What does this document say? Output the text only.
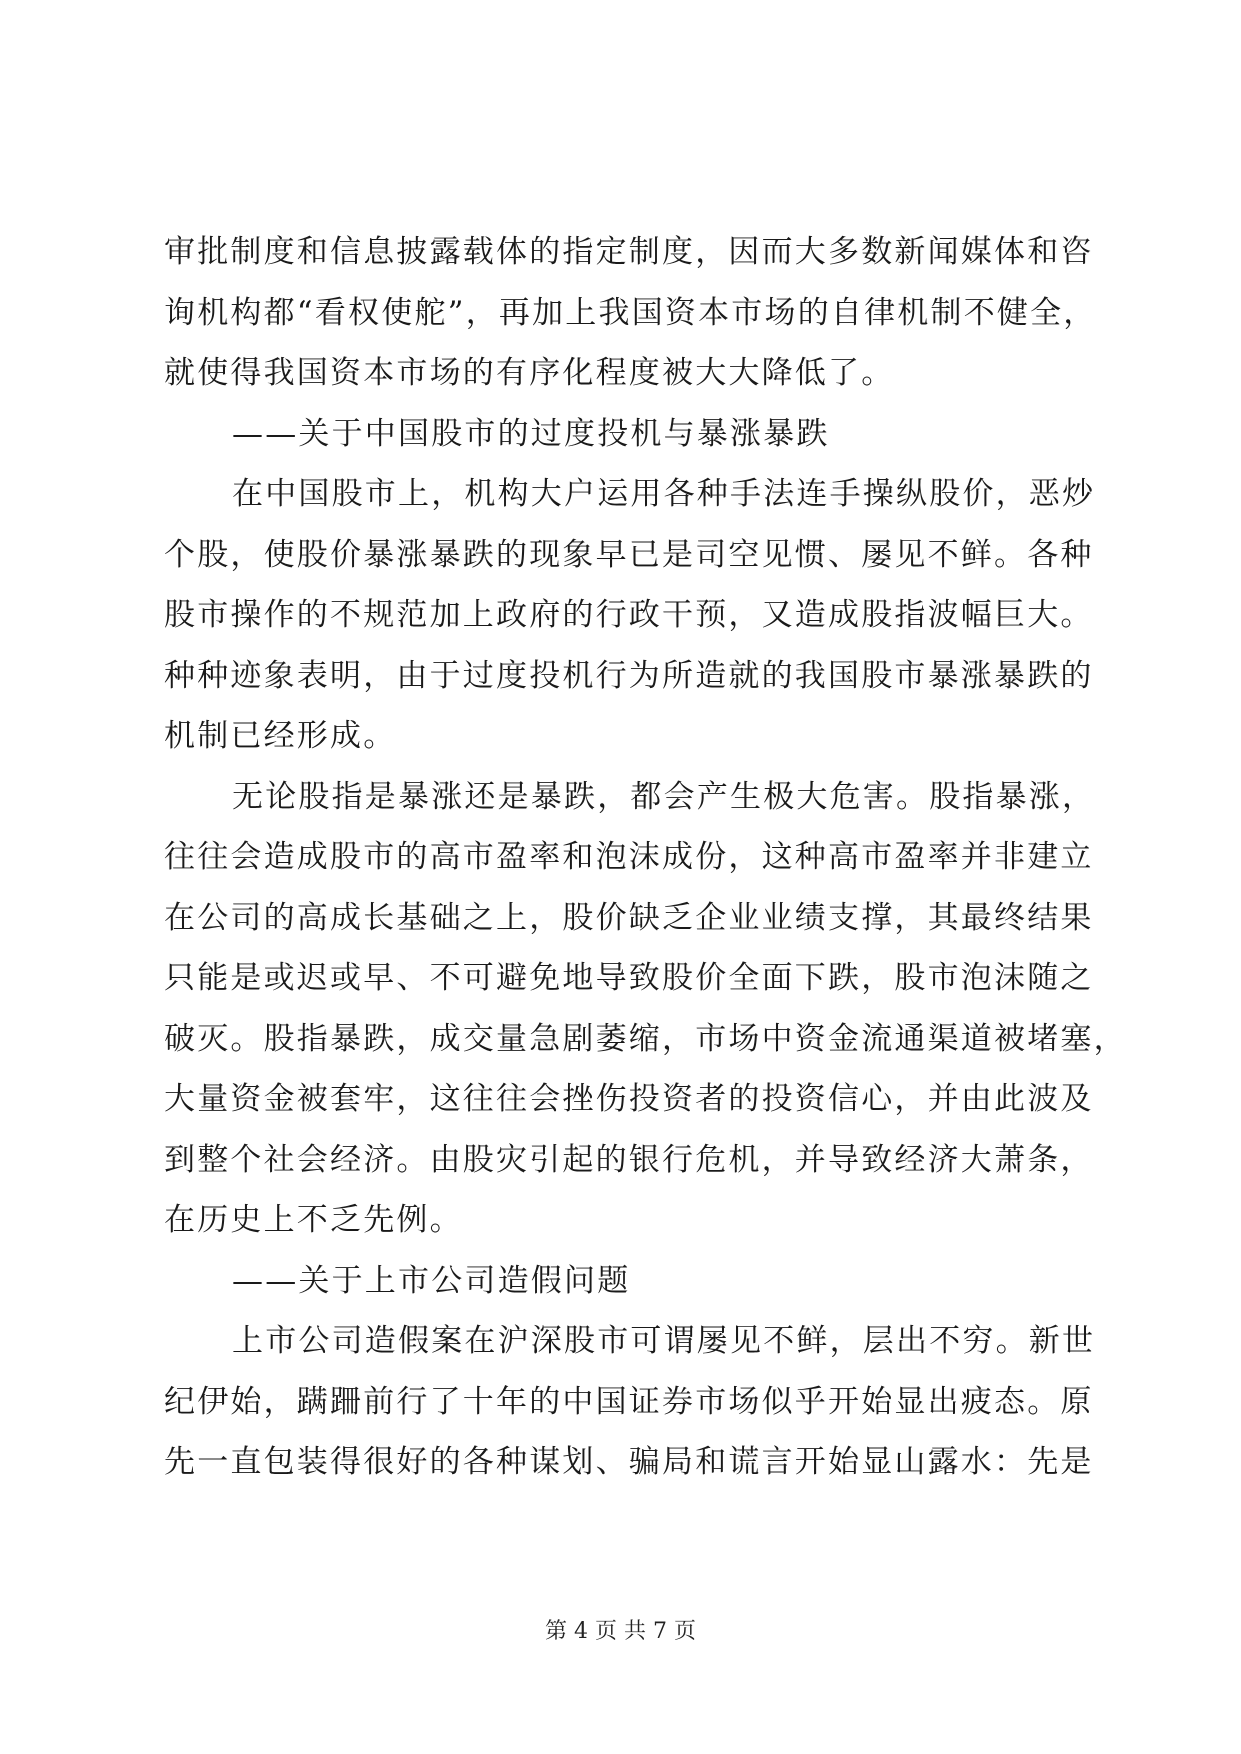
审批制度和信息披露载体的指定制度，因而大多数新闻媒体和咨
询机构都“看权使舵”，再加上我国资本市场的自律机制不健全，
就使得我国资本市场的有序化程度被大大降低了。
——关于中国股市的过度投机与暴涨暴跌
在中国股市上，机构大户运用各种手法连手操纵股价，恶炒
个股，使股价暴涨暴跌的现象早已是司空见惯、屡见不鲜。各种
股市操作的不规范加上政府的行政干预，又造成股指波幅巨大。
种种迹象表明，由于过度投机行为所造就的我国股市暴涨暴跌的
机制已经形成。
无论股指是暴涨还是暴跌，都会产生极大危害。股指暴涨，
往往会造成股市的高市盈率和泡沫成份，这种高市盈率并非建立
在公司的高成长基础之上，股价缺乏企业业绩支撑，其最终结果
只能是或迟或早、不可避免地导致股价全面下跌，股市泡沫随之
破灭。股指暴跌，成交量急剧萎缩，市场中资金流通渠道被堵塞，
大量资金被套牢，这往往会挫伤投资者的投资信心，并由此波及
到整个社会经济。由股灾引起的银行危机，并导致经济大萧条，
在历史上不乏先例。
——关于上市公司造假问题
上市公司造假案在沪深股市可谓屡见不鲜，层出不穷。新世
纪伊始，蹒跚前行了十年的中国证券市场似乎开始显出疲态。原
先一直包装得很好的各种谋划、骗局和谎言开始显山露水：先是
第 4 页 共 7 页
